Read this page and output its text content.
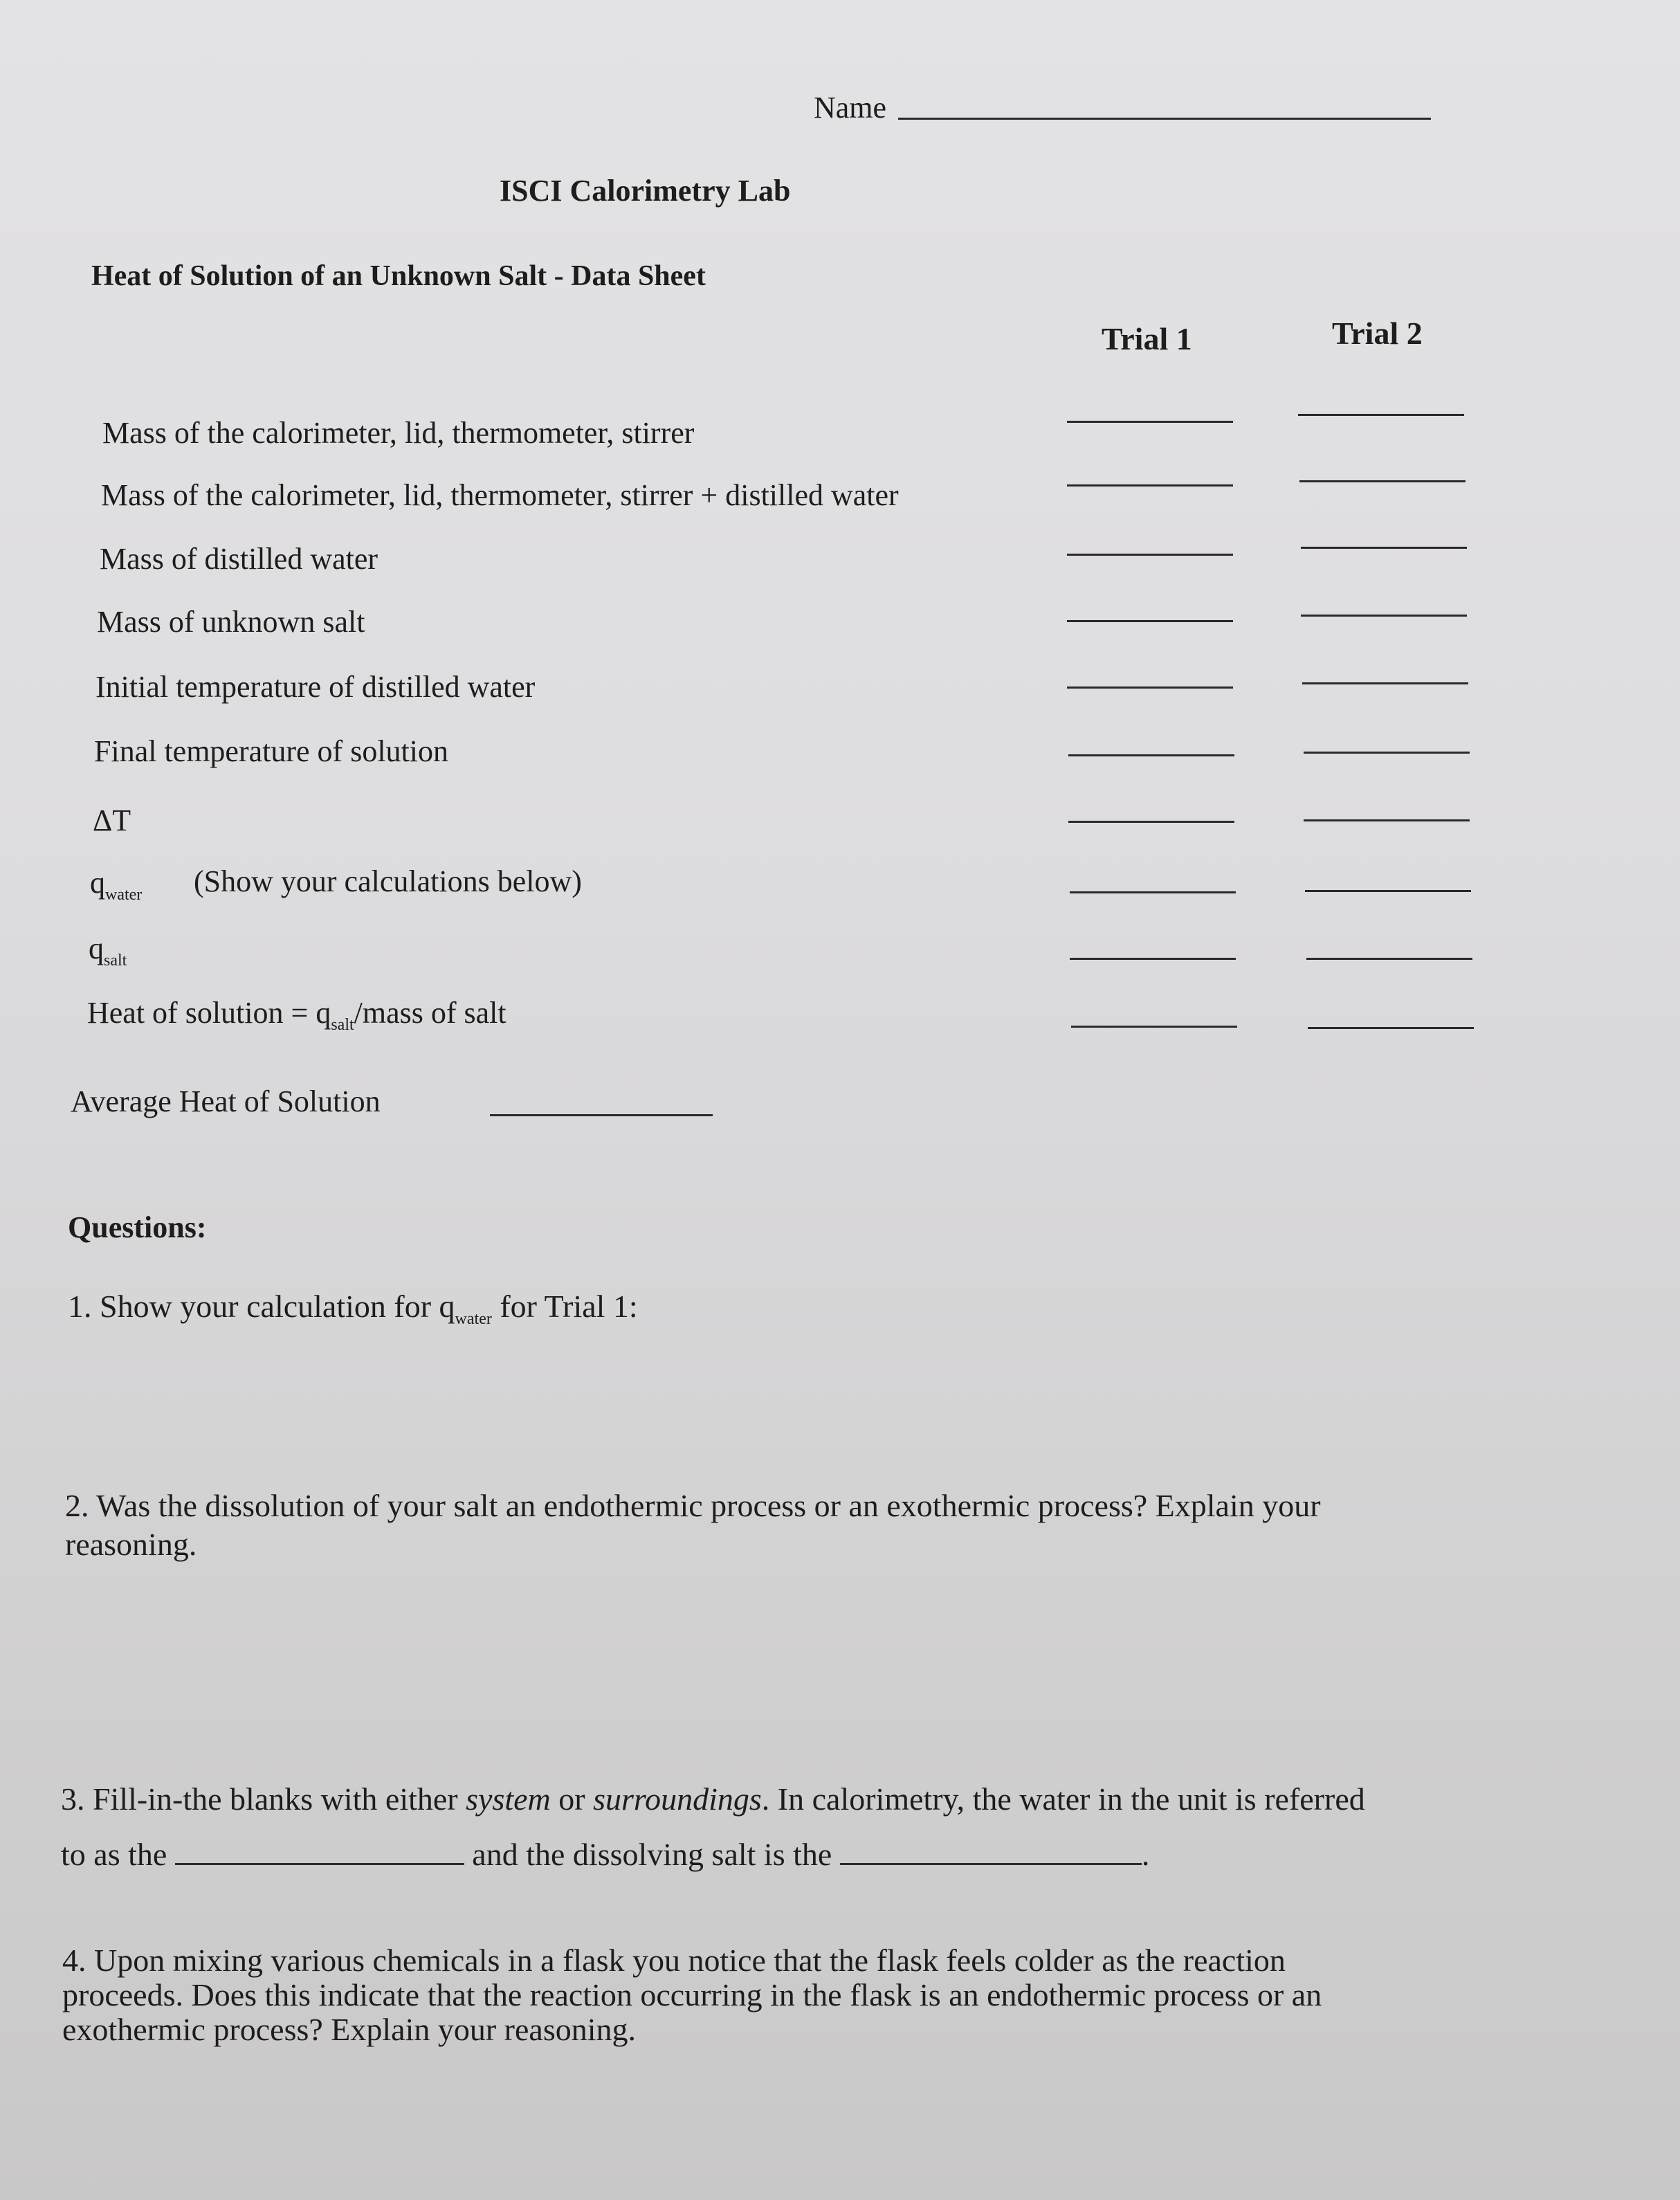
Name
ISCI Calorimetry Lab
Heat of Solution of an Unknown Salt - Data Sheet
Trial 1	Trial 2
Mass of the calorimeter, lid, thermometer, stirrer
Mass of the calorimeter, lid, thermometer, stirrer + distilled water
Mass of distilled water
Mass of unknown salt
Initial temperature of distilled water
Final temperature of solution
ΔT
$q_{water}$ (Show your calculations below)
$q_{salt}$
Heat of solution = $q_{salt}$/mass of salt
Average Heat of Solution
Questions:
1. Show your calculation for $q_{water}$ for Trial 1:

2. Was the dissolution of your salt an endothermic process or an exothermic process? Explain your

reasoning.

3. Fill-in-the blanks with either system or surroundings. In calorimetry, the water in the unit is referred

to as the	and the dissolving salt is the	.

4. Upon mixing various chemicals in a flask you notice that the flask feels colder as the reaction

proceeds. Does this indicate that the reaction occurring in the flask is an endothermic process or an

exothermic process? Explain your reasoning.
